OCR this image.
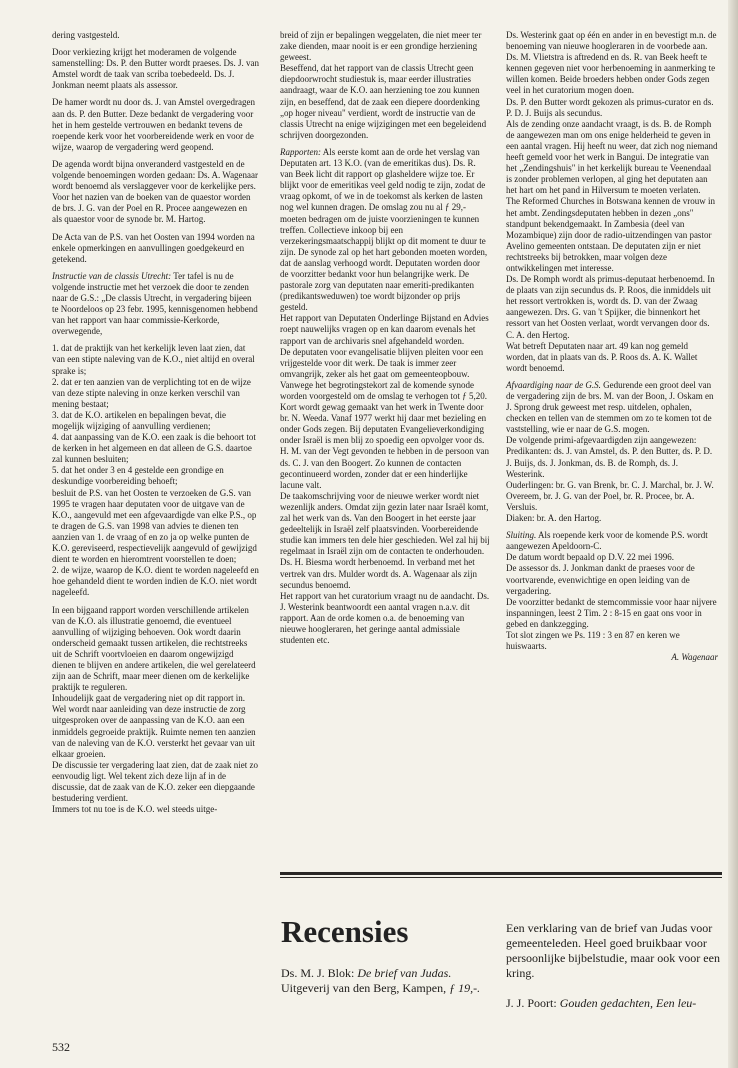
dering vastgesteld.

Door verkiezing krijgt het moderamen de volgende samenstelling: Ds. P. den Butter wordt praeses. Ds. J. van Amstel wordt de taak van scriba toebedeeld. Ds. J. Jonkman neemt plaats als assessor.

De hamer wordt nu door ds. J. van Amstel overgedragen aan ds. P. den Butter. Deze bedankt de vergadering voor het in hem gestelde vertrouwen en bedankt tevens de roepende kerk voor het voorbereidende werk en voor de wijze, waarop de vergadering werd geopend.

De agenda wordt bijna onveranderd vastgesteld en de volgende benoemingen worden gedaan: Ds. A. Wagenaar wordt benoemd als verslaggever voor de kerkelijke pers. Voor het nazien van de boeken van de quaestor worden de brs. J. G. van der Poel en R. Procee aangewezen en als quaestor voor de synode br. M. Hartog.

De Acta van de P.S. van het Oosten van 1994 worden na enkele opmerkingen en aanvullingen goedgekeurd en getekend.

Instructie van de classis Utrecht: Ter tafel is nu de volgende instructie met het verzoek die door te zenden naar de G.S.: „De classis Utrecht, in vergadering bijeen te Noordeloos op 23 febr. 1995, kennisgenomen hebbend van het rapport van haar commissie-Kerkorde, overwegende,

1. dat de praktijk van het kerkelijk leven laat zien, dat van een stipte naleving van de K.O., niet altijd en overal sprake is;

2. dat er ten aanzien van de verplichting tot en de wijze van deze stipte naleving in onze kerken verschil van mening bestaat;

3. dat de K.O. artikelen en bepalingen bevat, die mogelijk wijziging of aanvulling verdienen;

4. dat aanpassing van de K.O. een zaak is die behoort tot de kerken in het algemeen en dat alleen de G.S. daartoe zal kunnen besluiten;

5. dat het onder 3 en 4 gestelde een grondige en deskundige voorbereiding behoeft;

besluit de P.S. van het Oosten te verzoeken de G.S. van 1995 te vragen haar deputaten voor de uitgave van de K.O., aangevuld met een afgevaardigde van elke P.S., op te dragen de G.S. van 1998 van advies te dienen ten aanzien van 1. de vraag of en zo ja op welke punten de K.O. gereviseerd, respectievelijk aangevuld of gewijzigd dient te worden en hieromtrent voorstellen te doen;

2. de wijze, waarop de K.O. dient te worden nageleefd en hoe gehandeld dient te worden indien de K.O. niet wordt nageleefd.

In een bijgaand rapport worden verschillende artikelen van de K.O. als illustratie genoemd, die eventueel aanvulling of wijziging behoeven. Ook wordt daarin onderscheid gemaakt tussen artikelen, die rechtstreeks uit de Schrift voortvloeien en daarom ongewijzigd dienen te blijven en andere artikelen, die wel gerelateerd zijn aan de Schrift, maar meer dienen om de kerkelijke praktijk te reguleren.

Inhoudelijk gaat de vergadering niet op dit rapport in. Wel wordt naar aanleiding van deze instructie de zorg uitgesproken over de aanpassing van de K.O. aan een inmiddels gegroeide praktijk. Ruimte nemen ten aanzien van de naleving van de K.O. versterkt het gevaar van uit elkaar groeien.

De discussie ter vergadering laat zien, dat de zaak niet zo eenvoudig ligt. Wel tekent zich deze lijn af in de discussie, dat de zaak van de K.O. zeker een diepgaande bestudering verdient.

Immers tot nu toe is de K.O. wel steeds uitge-

breid of zijn er bepalingen weggelaten, die niet meer ter zake dienden, maar nooit is er een grondige herziening geweest.

Beseffend, dat het rapport van de classis Utrecht geen diepdoorwrocht studiestuk is, maar eerder illustraties aandraagt, waar de K.O. aan herziening toe zou kunnen zijn, en beseffend, dat de zaak een diepere doordenking „op hoger niveau" verdient, wordt de instructie van de classis Utrecht na enige wijzigingen met een begeleidend schrijven doorgezonden.

Rapporten: Als eerste komt aan de orde het verslag van Deputaten art. 13 K.O. (van de emeritikas dus). Ds. R. van Beek licht dit rapport op glasheldere wijze toe. Er blijkt voor de emeritikas veel geld nodig te zijn, zodat de vraag opkomt, of we in de toekomst als kerken de lasten nog wel kunnen dragen. De omslag zou nu al ƒ 29,- moeten bedragen om de juiste voorzieningen te kunnen treffen. Collectieve inkoop bij een verzekeringsmaatschappij blijkt op dit moment te duur te zijn. De synode zal op het hart gebonden moeten worden, dat de aanslag verhoogd wordt. Deputaten worden door de voorzitter bedankt voor hun belangrijke werk. De pastorale zorg van deputaten naar emeriti-predikanten (predikantsweduwen) toe wordt bijzonder op prijs gesteld.

Het rapport van Deputaten Onderlinge Bijstand en Advies roept nauwelijks vragen op en kan daarom evenals het rapport van de archivaris snel afgehandeld worden.

De deputaten voor evangelisatie blijven pleiten voor een vrijgestelde voor dit werk. De taak is immer zeer omvangrijk, zeker als het gaat om gemeenteopbouw.

Vanwege het begrotingstekort zal de komende synode worden voorgesteld om de omslag te verhogen tot ƒ 5,20.

Kort wordt gewag gemaakt van het werk in Twente door br. N. Weeda. Vanaf 1977 werkt hij daar met bezieling en onder Gods zegen. Bij deputaten Evangelieverkondiging onder Israël is men blij zo spoedig een opvolger voor ds. H. M. van der Vegt gevonden te hebben in de persoon van ds. C. J. van den Boogert. Zo kunnen de contacten gecontinueerd worden, zonder dat er een hinderlijke lacune valt.

De taakomschrijving voor de nieuwe werker wordt niet wezenlijk anders. Omdat zijn gezin later naar Israël komt, zal het werk van ds. Van den Boogert in het eerste jaar gedeeltelijk in Israël zelf plaatsvinden. Voorbereidende studie kan immers ten dele hier geschieden. Wel zal hij bij regelmaat in Israël zijn om de contacten te onderhouden.

Ds. H. Biesma wordt herbenoemd. In verband met het vertrek van drs. Mulder wordt ds. A. Wagenaar als zijn secundus benoemd.

Het rapport van het curatorium vraagt nu de aandacht. Ds. J. Westerink beantwoordt een aantal vragen n.a.v. dit rapport. Aan de orde komen o.a. de benoeming van nieuwe hoogleraren, het geringe aantal admissiale studenten etc.

Ds. Westerink gaat op één en ander in en bevestigt m.n. de benoeming van nieuwe hoogleraren in de voorbede aan.

Ds. M. Vlietstra is aftredend en ds. R. van Beek heeft te kennen gegeven niet voor herbenoeming in aanmerking te willen komen. Beide broeders hebben onder Gods zegen veel in het curatorium mogen doen.

Ds. P. den Butter wordt gekozen als primus-curator en ds. P. D. J. Buijs als secundus.

Als de zending onze aandacht vraagt, is ds. B. de Romph de aangewezen man om ons enige helderheid te geven in een aantal vragen. Hij heeft nu weer, dat zich nog niemand heeft gemeld voor het werk in Bangui. De integratie van het „Zendingshuis" in het kerkelijk bureau te Veenendaal is zonder problemen verlopen, al ging het deputaten aan het hart om het pand in Hilversum te moeten verlaten.

The Reformed Churches in Botswana kennen de vrouw in het ambt. Zendingsdeputaten hebben in dezen „ons" standpunt bekendgemaakt. In Zambesia (deel van Mozambique) zijn door de radio-uitzendingen van pastor Avelino gemeenten ontstaan. De deputaten zijn er niet rechtstreeks bij betrokken, maar volgen deze ontwikkelingen met interesse.

Ds. De Romph wordt als primus-deputaat herbenoemd. In de plaats van zijn secundus ds. P. Roos, die inmiddels uit het ressort vertrokken is, wordt ds. D. van der Zwaag aangewezen. Drs. G. van 't Spijker, die binnenkort het ressort van het Oosten verlaat, wordt vervangen door ds. C. A. den Hertog.

Wat betreft Deputaten naar art. 49 kan nog gemeld worden, dat in plaats van ds. P. Roos ds. A. K. Wallet wordt benoemd.

Afvaardiging naar de G.S. Gedurende een groot deel van de vergadering zijn de brs. M. van der Boon, J. Oskam en J. Sprong druk geweest met resp. uitdelen, ophalen, checken en tellen van de stemmen om zo te komen tot de vaststelling, wie er naar de G.S. mogen.

De volgende primi-afgevaardigden zijn aangewezen:

Predikanten: ds. J. van Amstel, ds. P. den Butter, ds. P. D. J. Buijs, ds. J. Jonkman, ds. B. de Romph, ds. J. Westerink.

Ouderlingen: br. G. van Brenk, br. C. J. Marchal, br. J. W. Overeem, br. J. G. van der Poel, br. R. Procee, br. A. Versluis.

Diaken: br. A. den Hartog.

Sluiting. Als roepende kerk voor de komende P.S. wordt aangewezen Apeldoorn-C.

De datum wordt bepaald op D.V. 22 mei 1996.

De assessor ds. J. Jonkman dankt de praeses voor de voortvarende, evenwichtige en open leiding van de vergadering.

De voorzitter bedankt de stemcommissie voor haar nijvere inspanningen, leest 2 Tim. 2 : 8-15 en gaat ons voor in gebed en dankzegging.

Tot slot zingen we Ps. 119 : 3 en 87 en keren we huiswaarts.

A. Wagenaar

Recensies
Ds. M. J. Blok: De brief van Judas. Uitgeverij van den Berg, Kampen, ƒ 19,-.
Een verklaring van de brief van Judas voor gemeenteleden. Heel goed bruikbaar voor persoonlijke bijbelstudie, maar ook voor een kring.
J. J. Poort: Gouden gedachten, Een leu-
532
